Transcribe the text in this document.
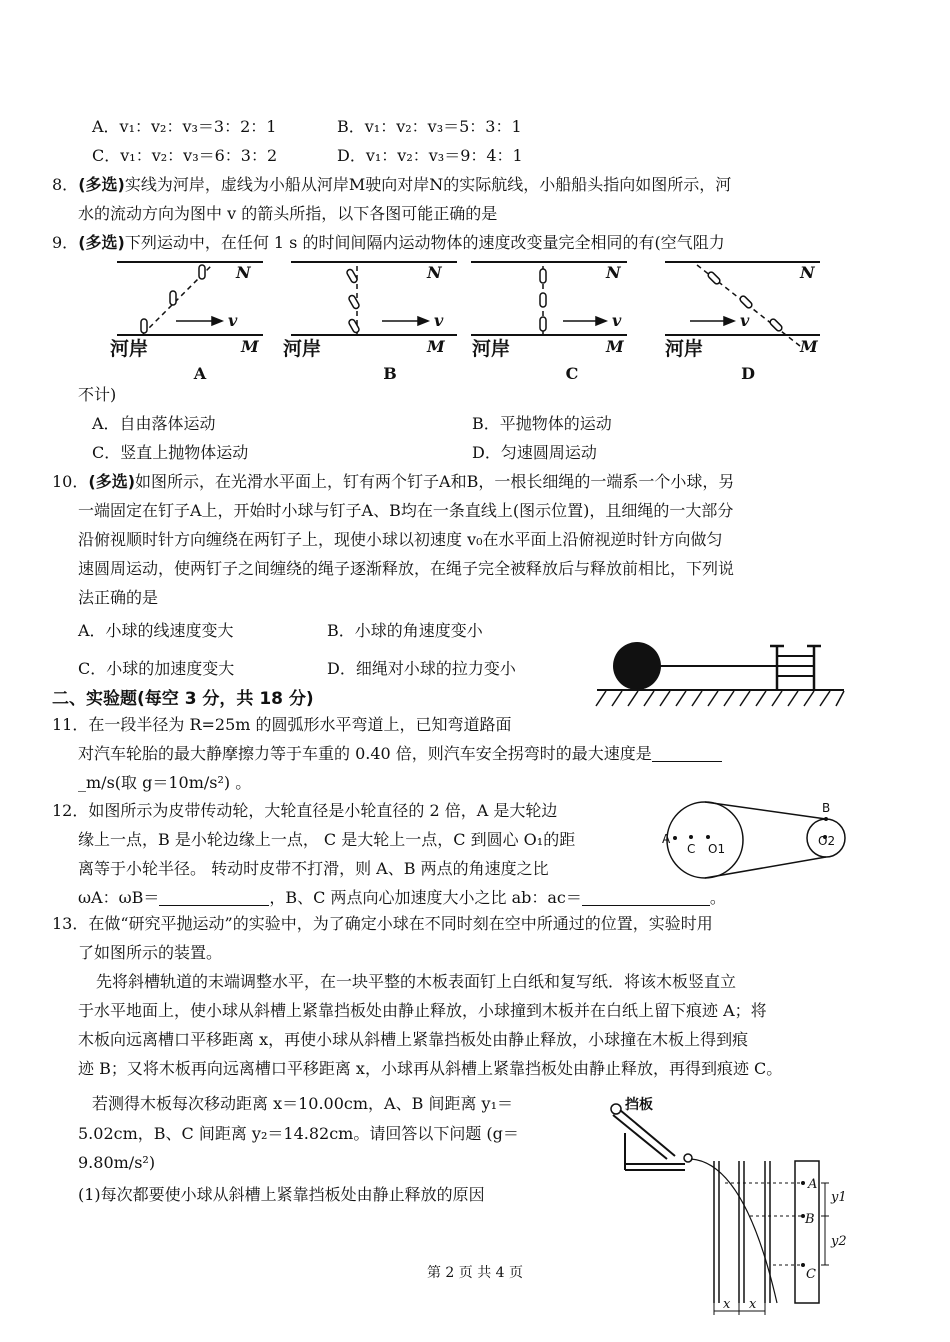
A．v₁：v₂：v₃＝3：2：1	B．v₁：v₂：v₃＝5：3：1
C．v₁：v₂：v₃＝6：3：2	D．v₁：v₂：v₃＝9：4：1
8．(多选)实线为河岸，虚线为小船从河岸M驶向对岸N的实际航线，小船船头指向如图所示，河
水的流动方向为图中 v 的箭头所指，以下各图可能正确的是
9．(多选)下列运动中，在任何 1 s 的时间间隔内运动物体的速度改变量完全相同的有(空气阻力
v	v	v	v
N	N	N	N
M	M	M	M
河岸	河岸	河岸	河岸
A	B	C	D
不计)
A．自由落体运动	B．平抛物体的运动
C．竖直上抛物体运动	D．匀速圆周运动
10．(多选)如图所示，在光滑水平面上，钉有两个钉子A和B，一根长细绳的一端系一个小球，另
一端固定在钉子A上，开始时小球与钉子A、B均在一条直线上(图示位置)，且细绳的一大部分
沿俯视顺时针方向缠绕在两钉子上，现使小球以初速度 v₀在水平面上沿俯视逆时针方向做匀
速圆周运动，使两钉子之间缠绕的绳子逐渐释放，在绳子完全被释放后与释放前相比，下列说
法正确的是
A．小球的线速度变大	B．小球的角速度变小
C．小球的加速度变大	D．细绳对小球的拉力变小
二、实验题(每空 3 分，共 18 分)
11．在一段半径为 R=25m 的圆弧形水平弯道上，已知弯道路面
对汽车轮胎的最大静摩擦力等于车重的 0.40 倍，则汽车安全拐弯时的最大速度是
_m/s(取 g＝10m/s²) 。
12．如图所示为皮带传动轮，大轮直径是小轮直径的 2 倍，A 是大轮边
缘上一点，B 是小轮边缘上一点， C 是大轮上一点，C 到圆心 O₁的距
离等于小轮半径。 转动时皮带不打滑，则 A、B 两点的角速度之比
ωA：ωB＝	，B、C 两点向心加速度大小之比 ab：ac＝	。
A
C O1
B
O2
13．在做“研究平抛运动”的实验中，为了确定小球在不同时刻在空中所通过的位置，实验时用
了如图所示的装置。
先将斜槽轨道的末端调整水平，在一块平整的木板表面钉上白纸和复写纸．将该木板竖直立
于水平地面上，使小球从斜槽上紧靠挡板处由静止释放，小球撞到木板并在白纸上留下痕迹 A；将
木板向远离槽口平移距离 x，再使小球从斜槽上紧靠挡板处由静止释放，小球撞在木板上得到痕
迹 B；又将木板再向远离槽口平移距离 x，小球再从斜槽上紧靠挡板处由静止释放，再得到痕迹 C。
若测得木板每次移动距离 x＝10.00cm，A、B 间距离 y₁＝
5.02cm，B、C 间距离 y₂＝14.82cm。请回答以下问题 (g＝
9.80m/s²)
(1)每次都要使小球从斜槽上紧靠挡板处由静止释放的原因
挡板
A
B
C
y1
y2
x x
第 2 页 共 4 页
